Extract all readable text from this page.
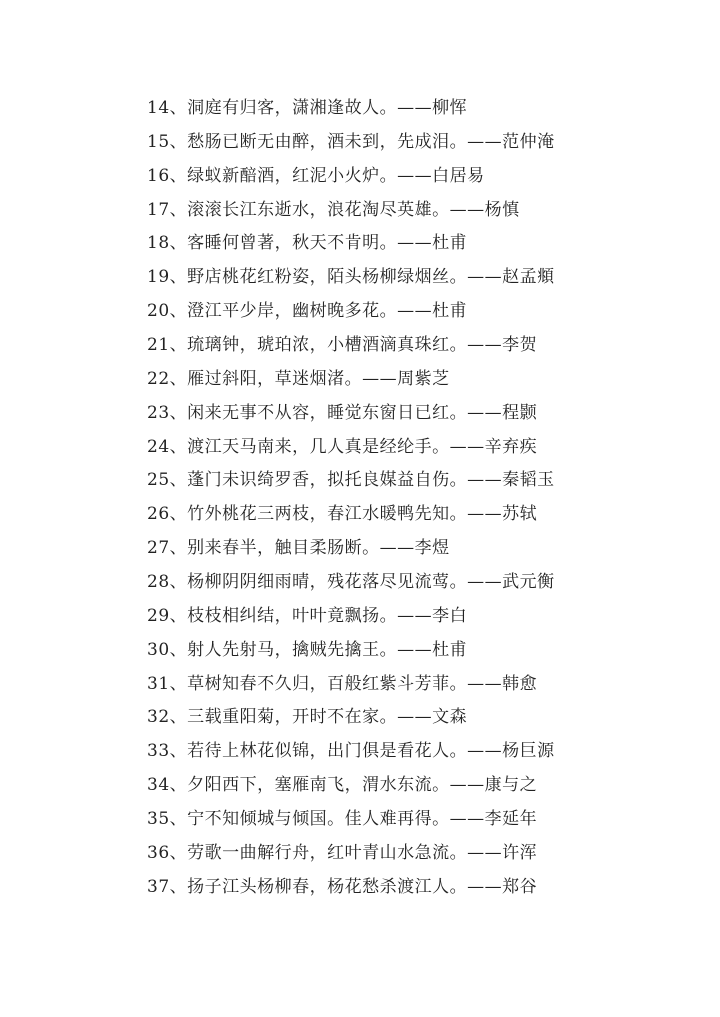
14、洞庭有归客，潇湘逢故人。——柳恽
15、愁肠已断无由醉，酒未到，先成泪。——范仲淹
16、绿蚁新醅酒，红泥小火炉。——白居易
17、滚滚长江东逝水，浪花淘尽英雄。——杨慎
18、客睡何曾著，秋天不肯明。——杜甫
19、野店桃花红粉姿，陌头杨柳绿烟丝。——赵孟頫
20、澄江平少岸，幽树晚多花。——杜甫
21、琉璃钟，琥珀浓，小槽酒滴真珠红。——李贺
22、雁过斜阳，草迷烟渚。——周紫芝
23、闲来无事不从容，睡觉东窗日已红。——程颢
24、渡江天马南来，几人真是经纶手。——辛弃疾
25、蓬门未识绮罗香，拟托良媒益自伤。——秦韬玉
26、竹外桃花三两枝，春江水暖鸭先知。——苏轼
27、别来春半，触目柔肠断。——李煜
28、杨柳阴阴细雨晴，残花落尽见流莺。——武元衡
29、枝枝相纠结，叶叶竟飘扬。——李白
30、射人先射马，擒贼先擒王。——杜甫
31、草树知春不久归，百般红紫斗芳菲。——韩愈
32、三载重阳菊，开时不在家。——文森
33、若待上林花似锦，出门俱是看花人。——杨巨源
34、夕阳西下，塞雁南飞，渭水东流。——康与之
35、宁不知倾城与倾国。佳人难再得。——李延年
36、劳歌一曲解行舟，红叶青山水急流。——许浑
37、扬子江头杨柳春，杨花愁杀渡江人。——郑谷
